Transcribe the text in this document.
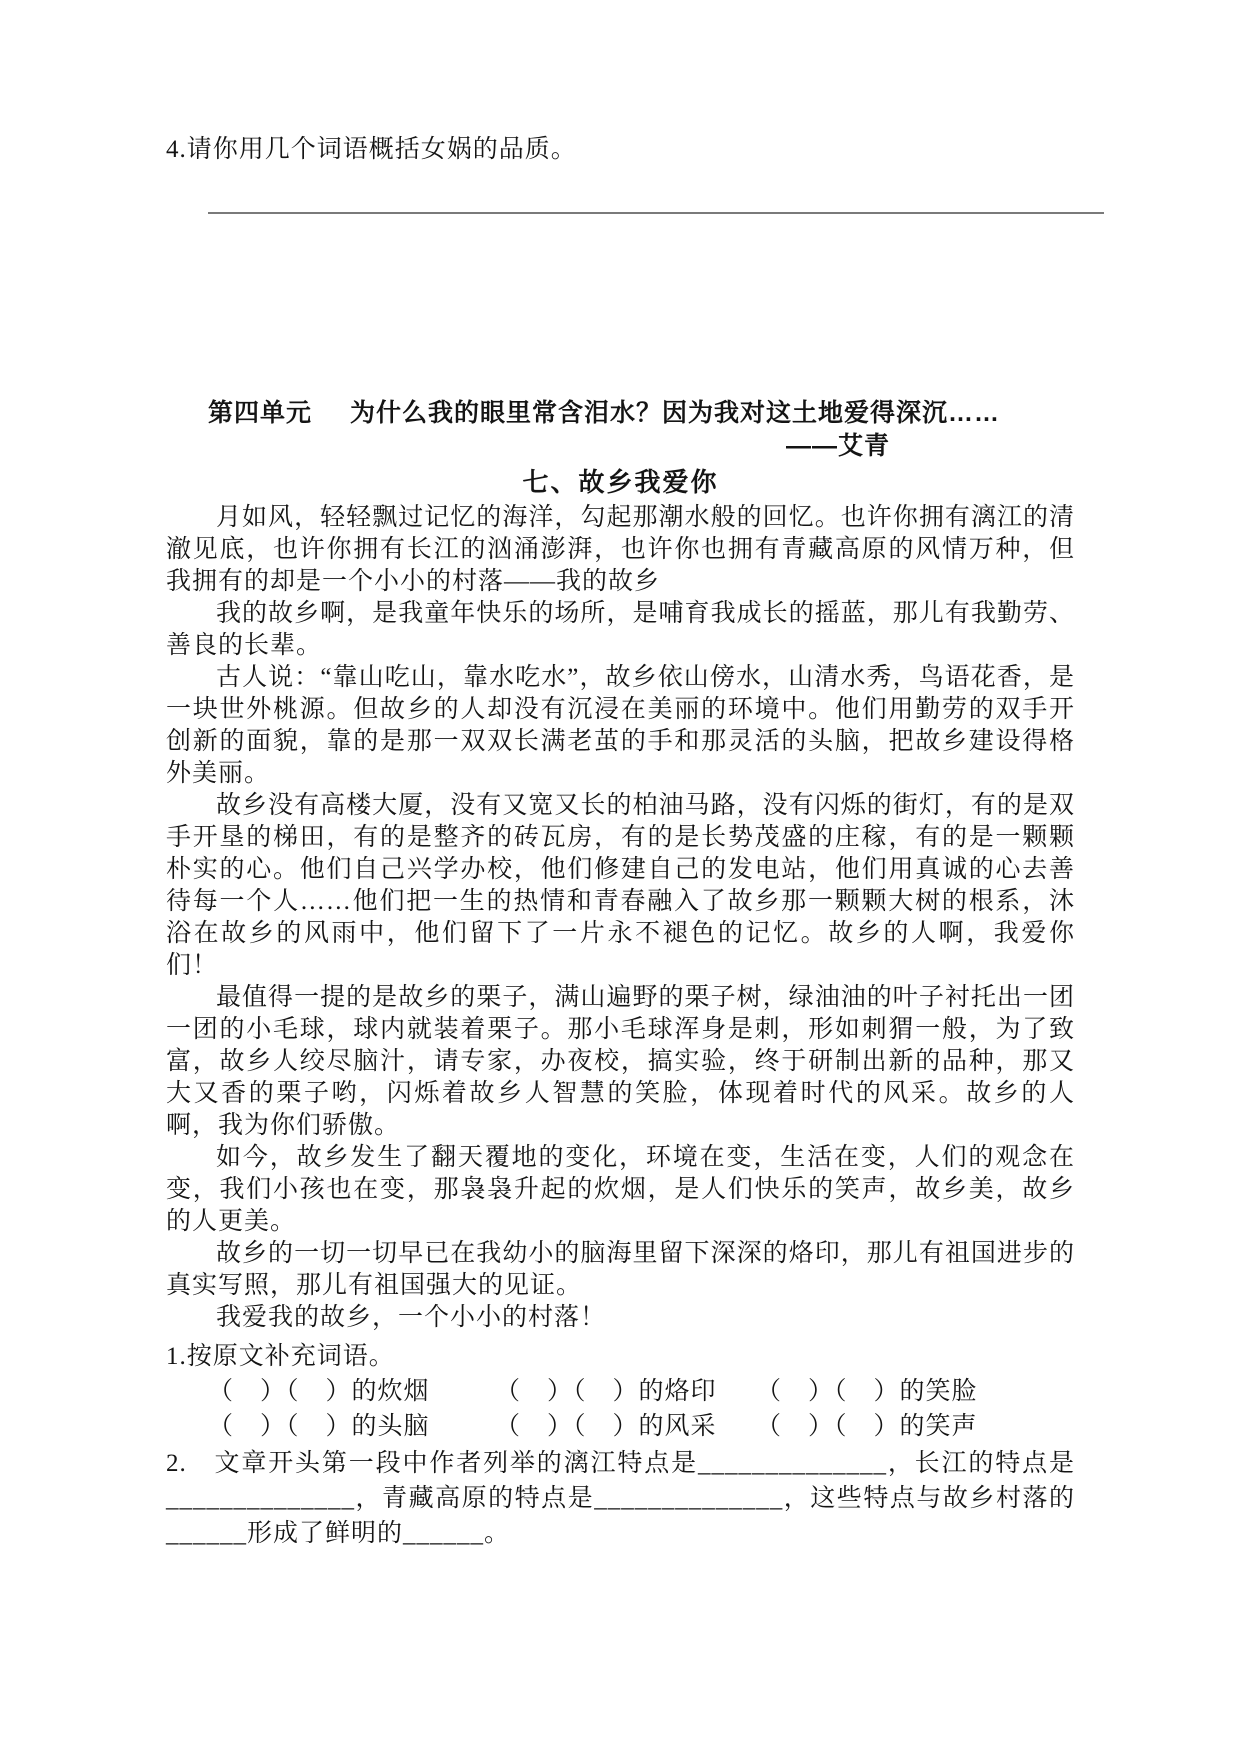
4.请你用几个词语概括女娲的品质。
第四单元 为什么我的眼里常含泪水？因为我对这土地爱得深沉……
——艾青
七、故乡我爱你

月如风，轻轻飘过记忆的海洋，勾起那潮水般的回忆。也许你拥有漓江的清澈见底，也许你拥有长江的汹涌澎湃，也许你也拥有青藏高原的风情万种，但我拥有的却是一个小小的村落——我的故乡

我的故乡啊，是我童年快乐的场所，是哺育我成长的摇蓝，那儿有我勤劳、善良的长辈。

古人说：“靠山吃山，靠水吃水”，故乡依山傍水，山清水秀，鸟语花香，是一块世外桃源。但故乡的人却没有沉浸在美丽的环境中。他们用勤劳的双手开创新的面貌，靠的是那一双双长满老茧的手和那灵活的头脑，把故乡建设得格外美丽。

故乡没有高楼大厦，没有又宽又长的柏油马路，没有闪烁的街灯，有的是双手开垦的梯田，有的是整齐的砖瓦房，有的是长势茂盛的庄稼，有的是一颗颗朴实的心。他们自己兴学办校，他们修建自己的发电站，他们用真诚的心去善待每一个人……他们把一生的热情和青春融入了故乡那一颗颗大树的根系，沐浴在故乡的风雨中，他们留下了一片永不褪色的记忆。故乡的人啊，我爱你们！

最值得一提的是故乡的栗子，满山遍野的栗子树，绿油油的叶子衬托出一团一团的小毛球，球内就装着栗子。那小毛球浑身是刺，形如刺猬一般，为了致富，故乡人绞尽脑汁，请专家，办夜校，搞实验，终于研制出新的品种，那又大又香的栗子哟，闪烁着故乡人智慧的笑脸，体现着时代的风采。故乡的人啊，我为你们骄傲。

如今，故乡发生了翻天覆地的变化，环境在变，生活在变，人们的观念在变，我们小孩也在变，那袅袅升起的炊烟，是人们快乐的笑声，故乡美，故乡的人更美。

故乡的一切一切早已在我幼小的脑海里留下深深的烙印，那儿有祖国进步的真实写照，那儿有祖国强大的见证。

我爱我的故乡，一个小小的村落！

1.按原文补充词语。
（　）（　）的炊烟　　　（　）（　）的烙印　　（　）（　）的笑脸
（　）（　）的头脑　　　（　）（　）的风采　　（　）（　）的笑声
2.　文章开头第一段中作者列举的漓江特点是______________，长江的特点是______________，青藏高原的特点是______________，这些特点与故乡村落的______形成了鲜明的______。
